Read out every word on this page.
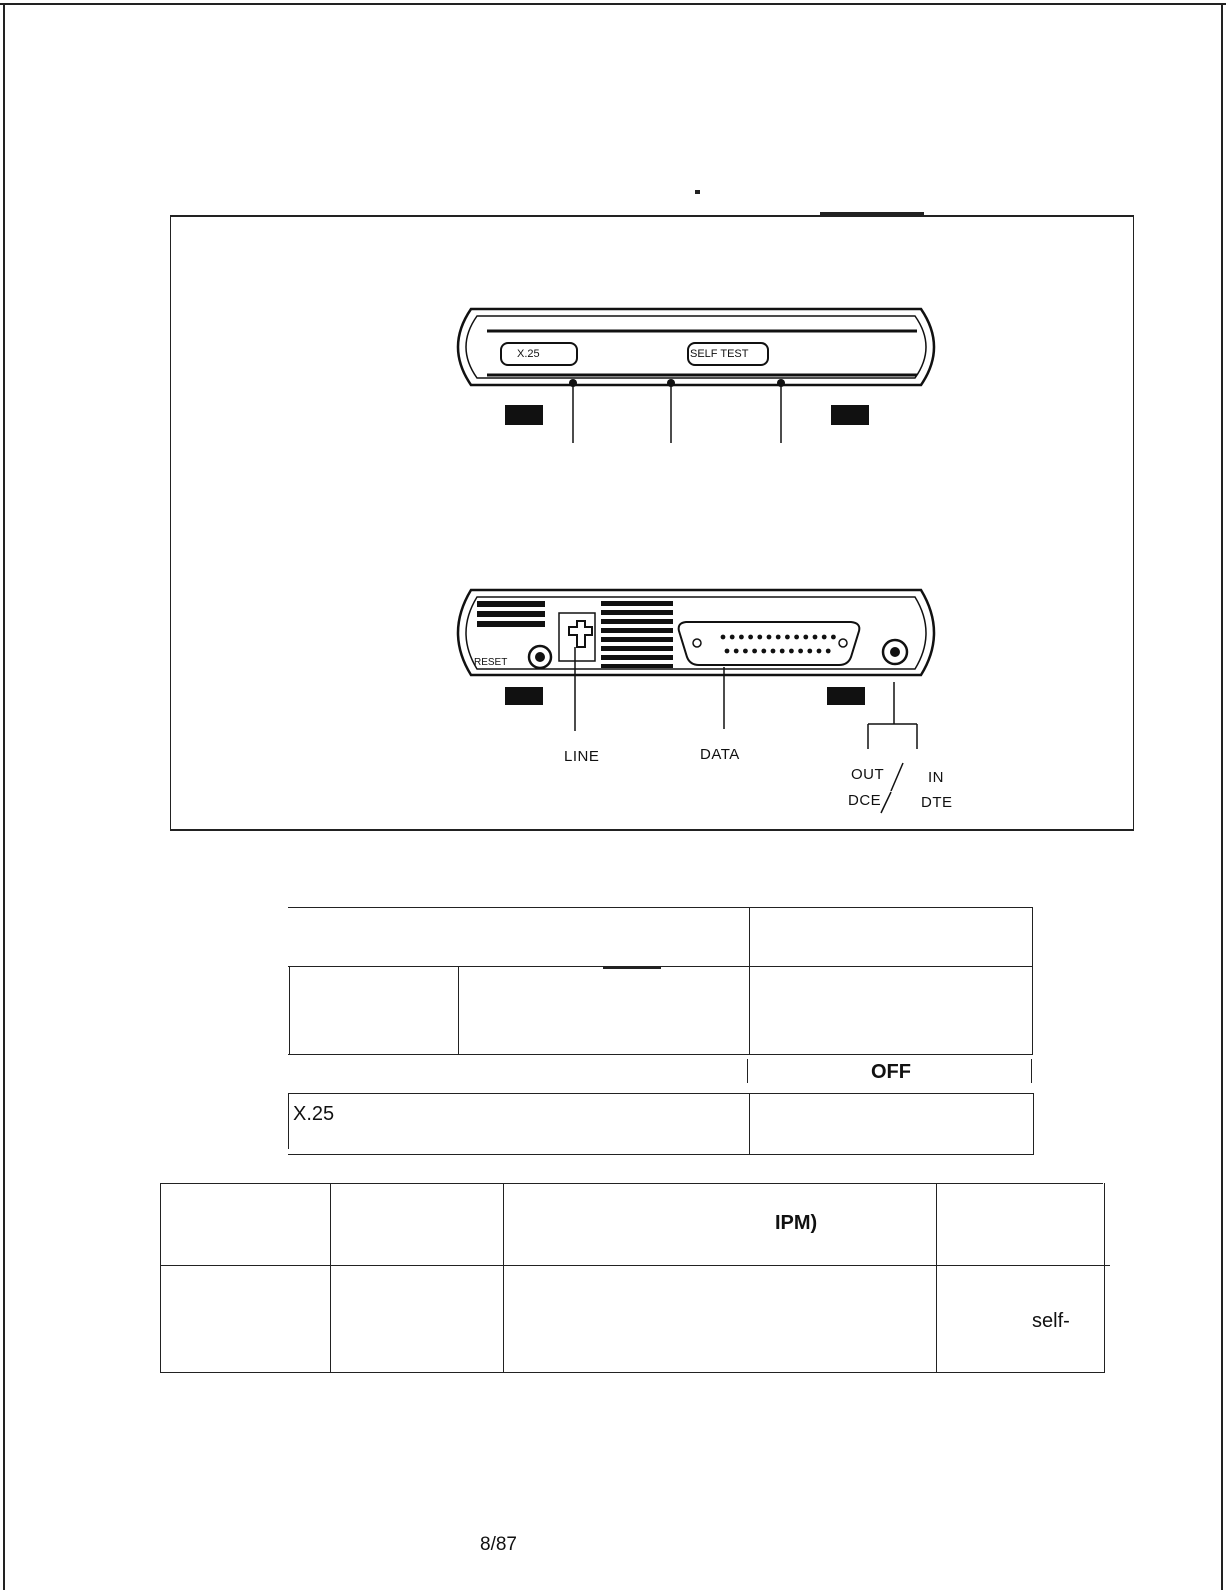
X.25	SELF TEST
RESET
LINE	DATA
OUT
DCE
IN
DTE
OFF
X.25
IPM)
self-
8/87
